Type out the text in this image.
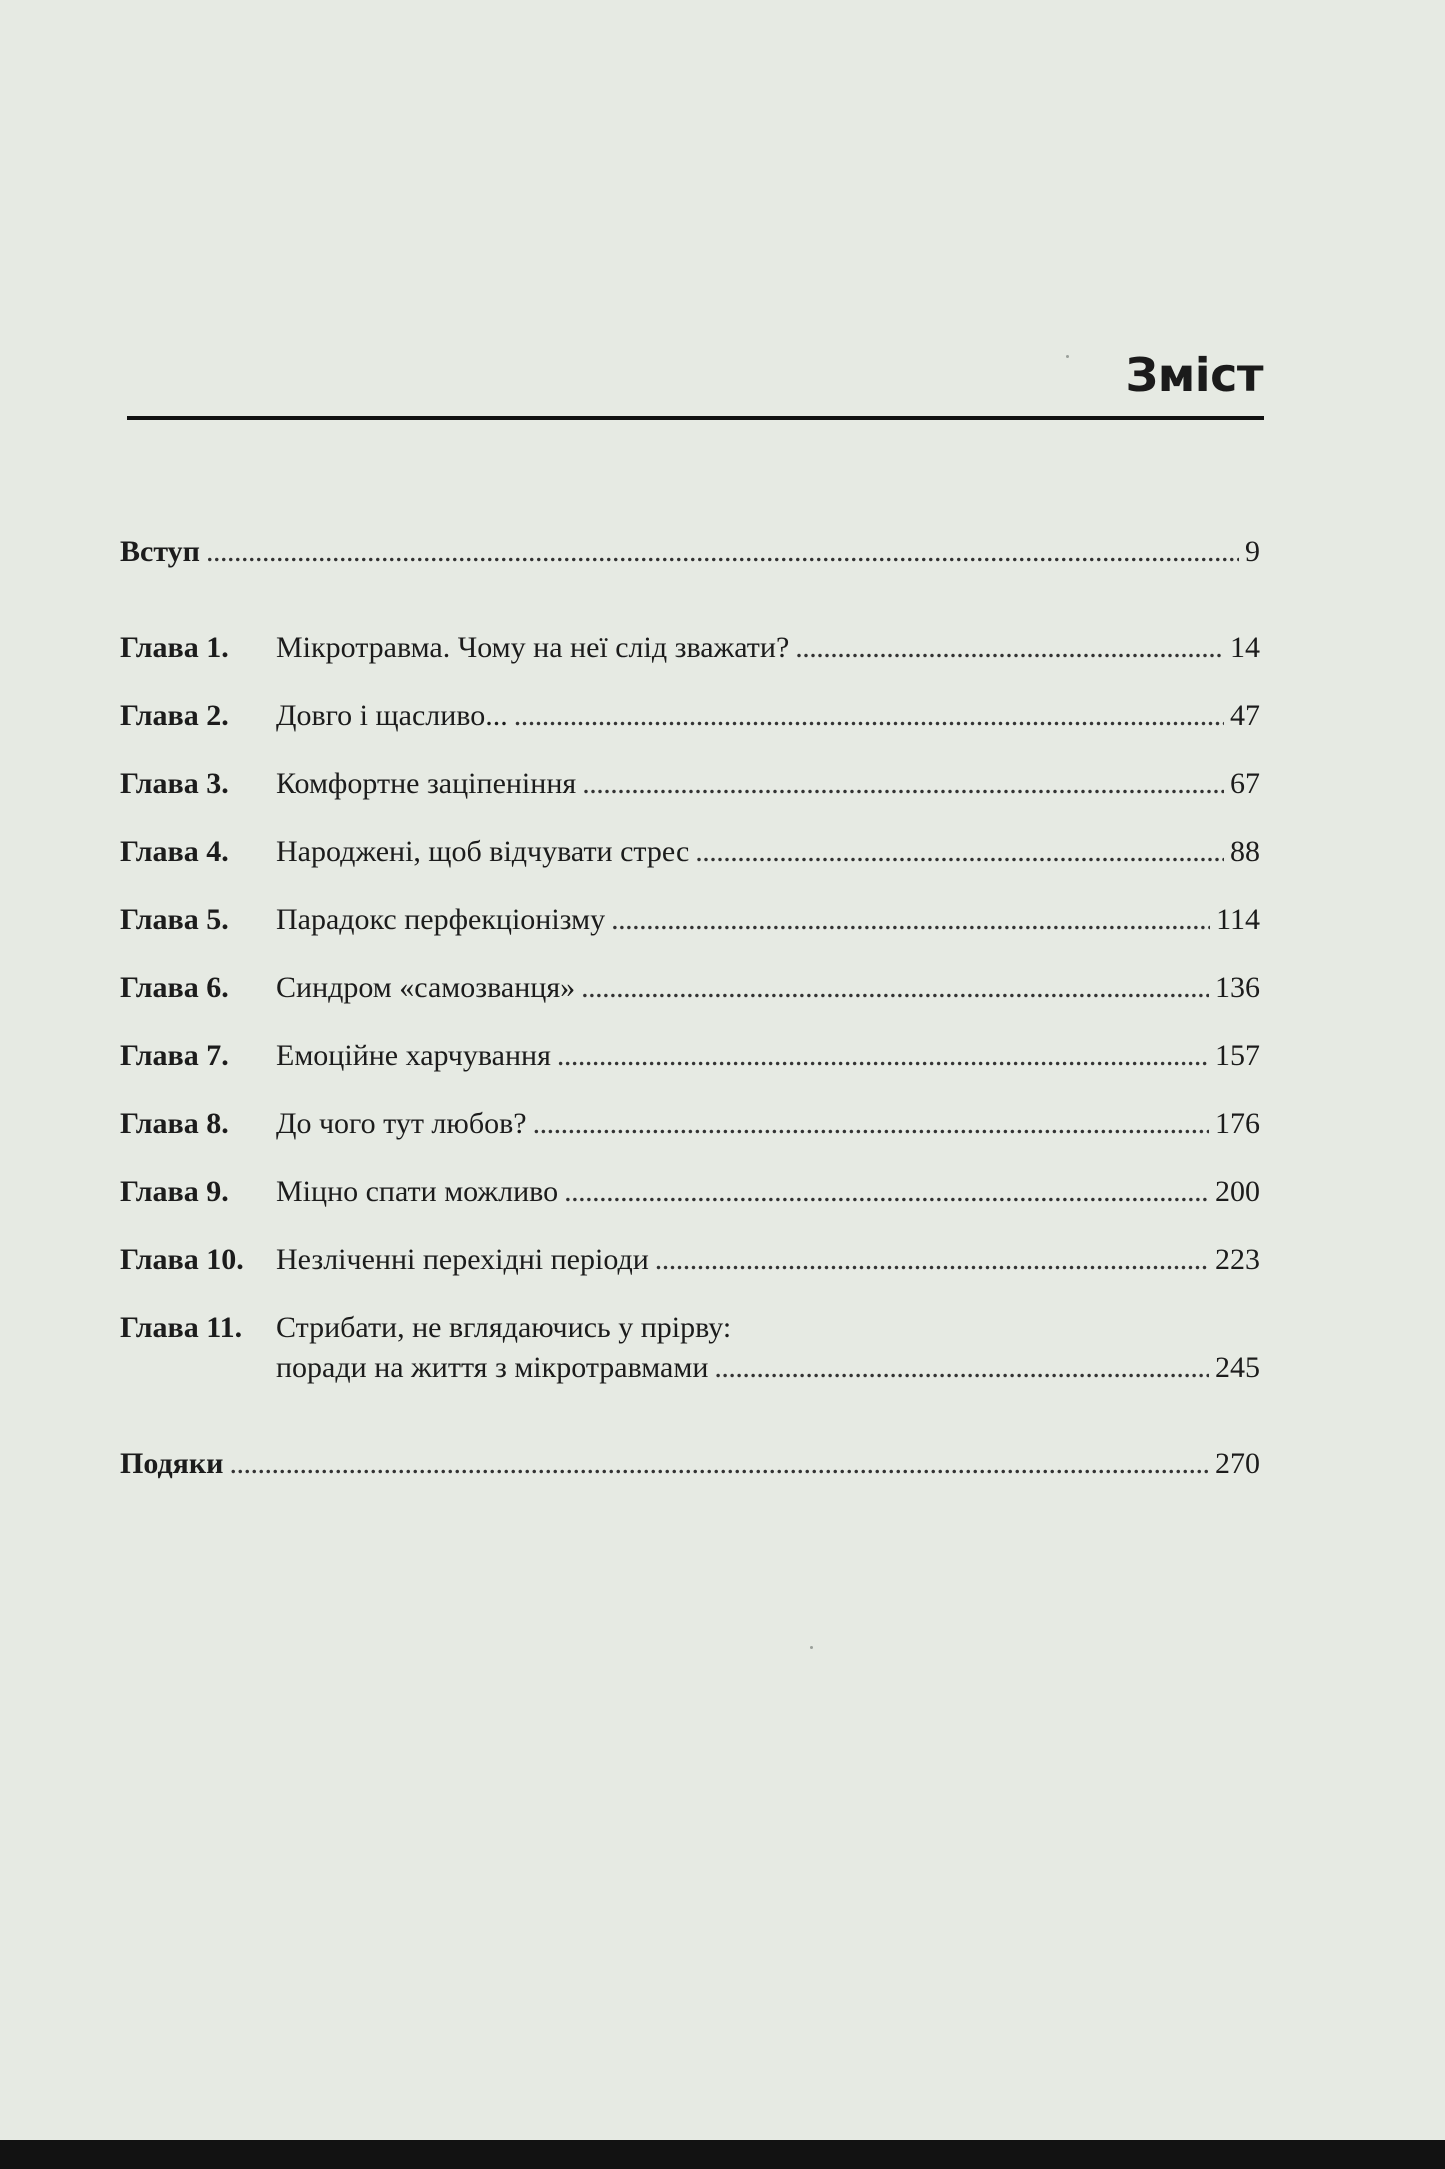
Зміст
Вступ . . .	9
Глава 1.	Мікротравма. Чому на неї слід зважати? . . .	14
Глава 2.	Довго і щасливо... . . .	47
Глава 3.	Комфортне заціпеніння . . .	67
Глава 4.	Народжені, щоб відчувати стрес . . .	88
Глава 5.	Парадокс перфекціонізму . . .	114
Глава 6.	Синдром «самозванця» . . .	136
Глава 7.	Емоційне харчування . . .	157
Глава 8.	До чого тут любов? . . .	176
Глава 9.	Міцно спати можливо . . .	200
Глава 10.	Незліченні перехідні періоди . . .	223
Глава 11.	Стрибати, не вглядаючись у прірву:
поради на життя з мікротравмами . . .	245
Подяки . . .	270
